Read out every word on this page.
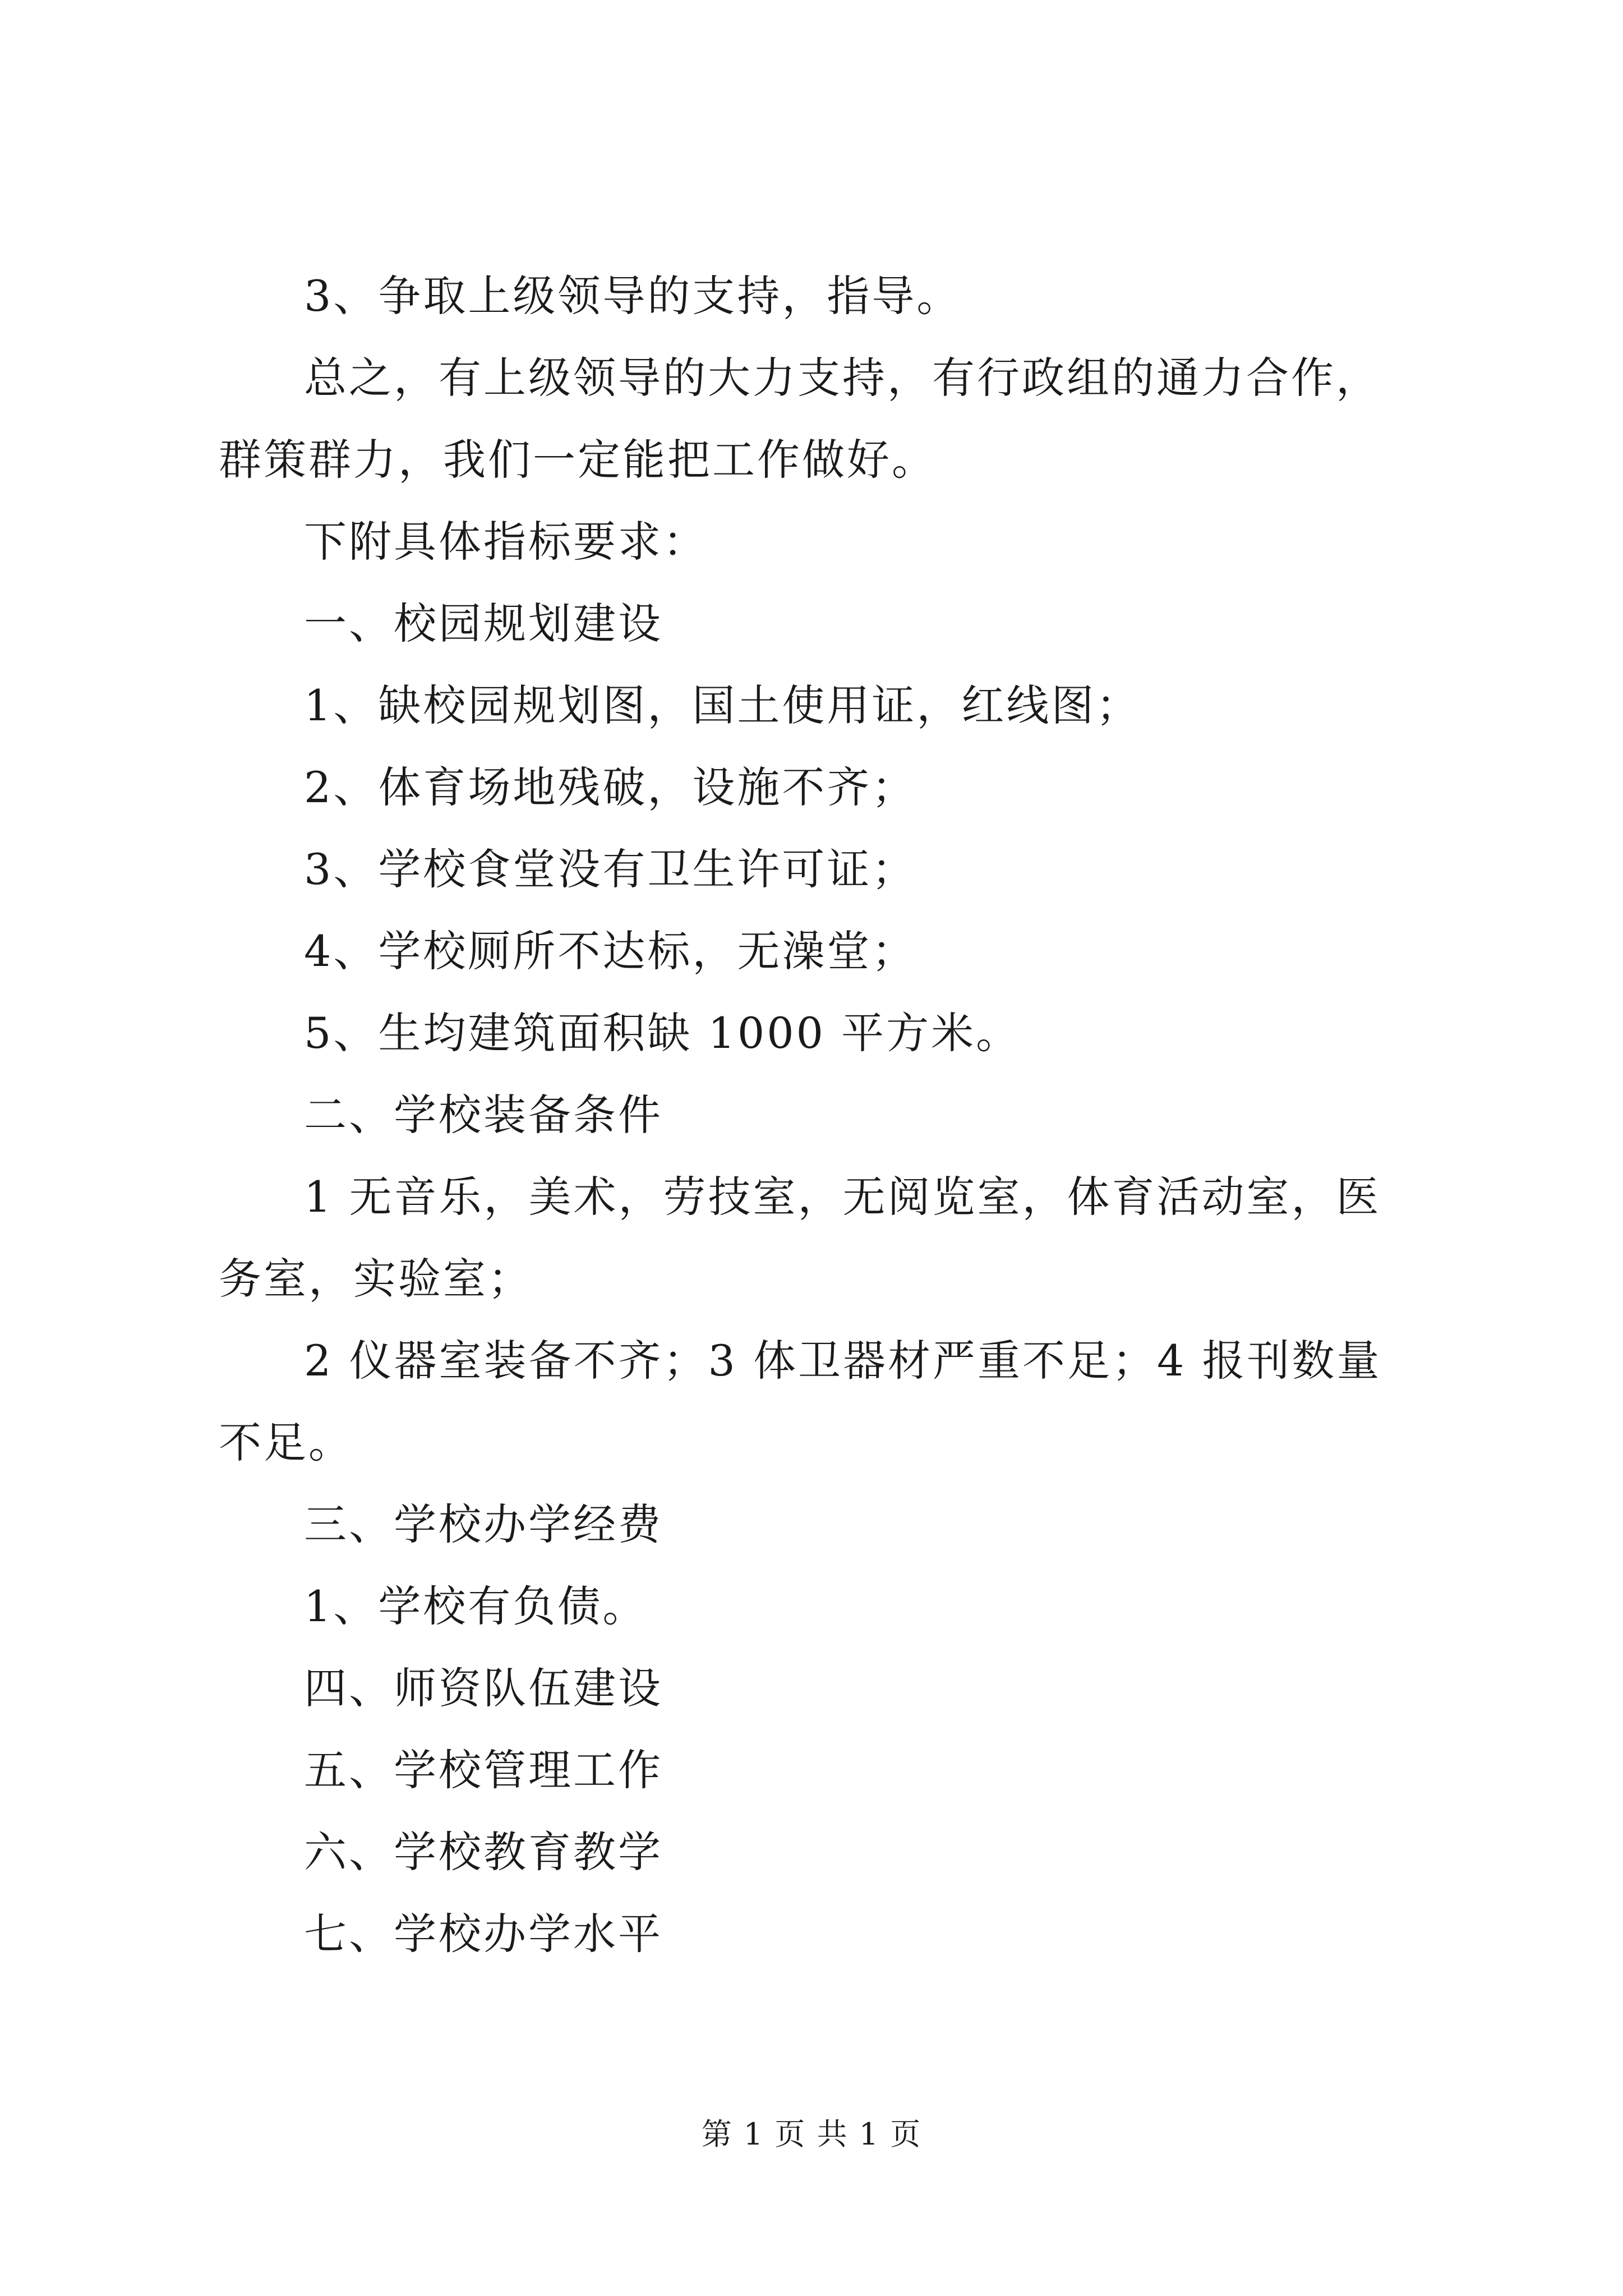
3、争取上级领导的支持，指导。

总之，有上级领导的大力支持，有行政组的通力合作，群策群力，我们一定能把工作做好。

下附具体指标要求：

一、校园规划建设

1、缺校园规划图，国土使用证，红线图；

2、体育场地残破，设施不齐；

3、学校食堂没有卫生许可证；

4、学校厕所不达标，无澡堂；

5、生均建筑面积缺 1000 平方米。

二、学校装备条件

1 无音乐，美术，劳技室，无阅览室，体育活动室，医务室，实验室；

2 仪器室装备不齐；3 体卫器材严重不足；4 报刊数量不足。

三、学校办学经费

1、学校有负债。

四、师资队伍建设

五、学校管理工作

六、学校教育教学

七、学校办学水平

第 1 页 共 1 页
